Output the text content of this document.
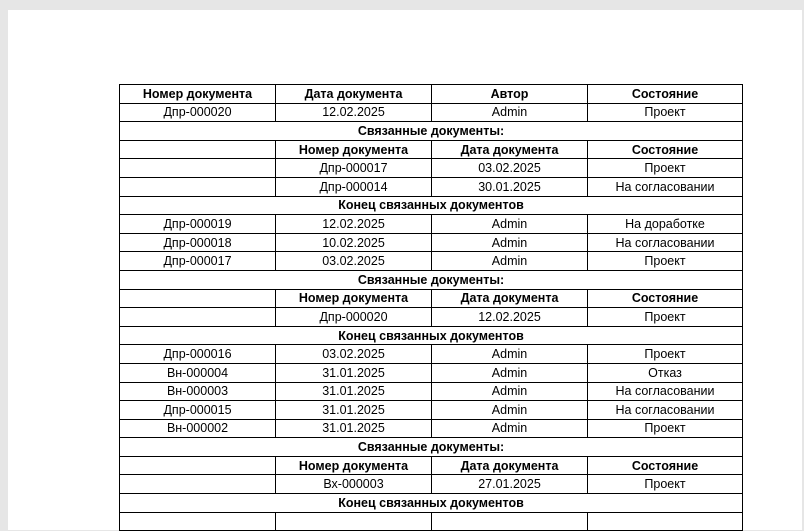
Номер документа	Дата документа	Автор	Состояние
Дпр-000020	12.02.2025	Admin	Проект
Связанные документы:			
	Номер документа	Дата документа	Состояние
	Дпр-000017	03.02.2025	Проект
	Дпр-000014	30.01.2025	На согласовании
Конец связанных документов			
Дпр-000019	12.02.2025	Admin	На доработке
Дпр-000018	10.02.2025	Admin	На согласовании
Дпр-000017	03.02.2025	Admin	Проект
Связанные документы:			
	Номер документа	Дата документа	Состояние
	Дпр-000020	12.02.2025	Проект
Конец связанных документов			
Дпр-000016	03.02.2025	Admin	Проект
Вн-000004	31.01.2025	Admin	Отказ
Вн-000003	31.01.2025	Admin	На согласовании
Дпр-000015	31.01.2025	Admin	На согласовании
Вн-000002	31.01.2025	Admin	Проект
Связанные документы:			
	Номер документа	Дата документа	Состояние
	Вх-000003	27.01.2025	Проект
Конец связанных документов			
